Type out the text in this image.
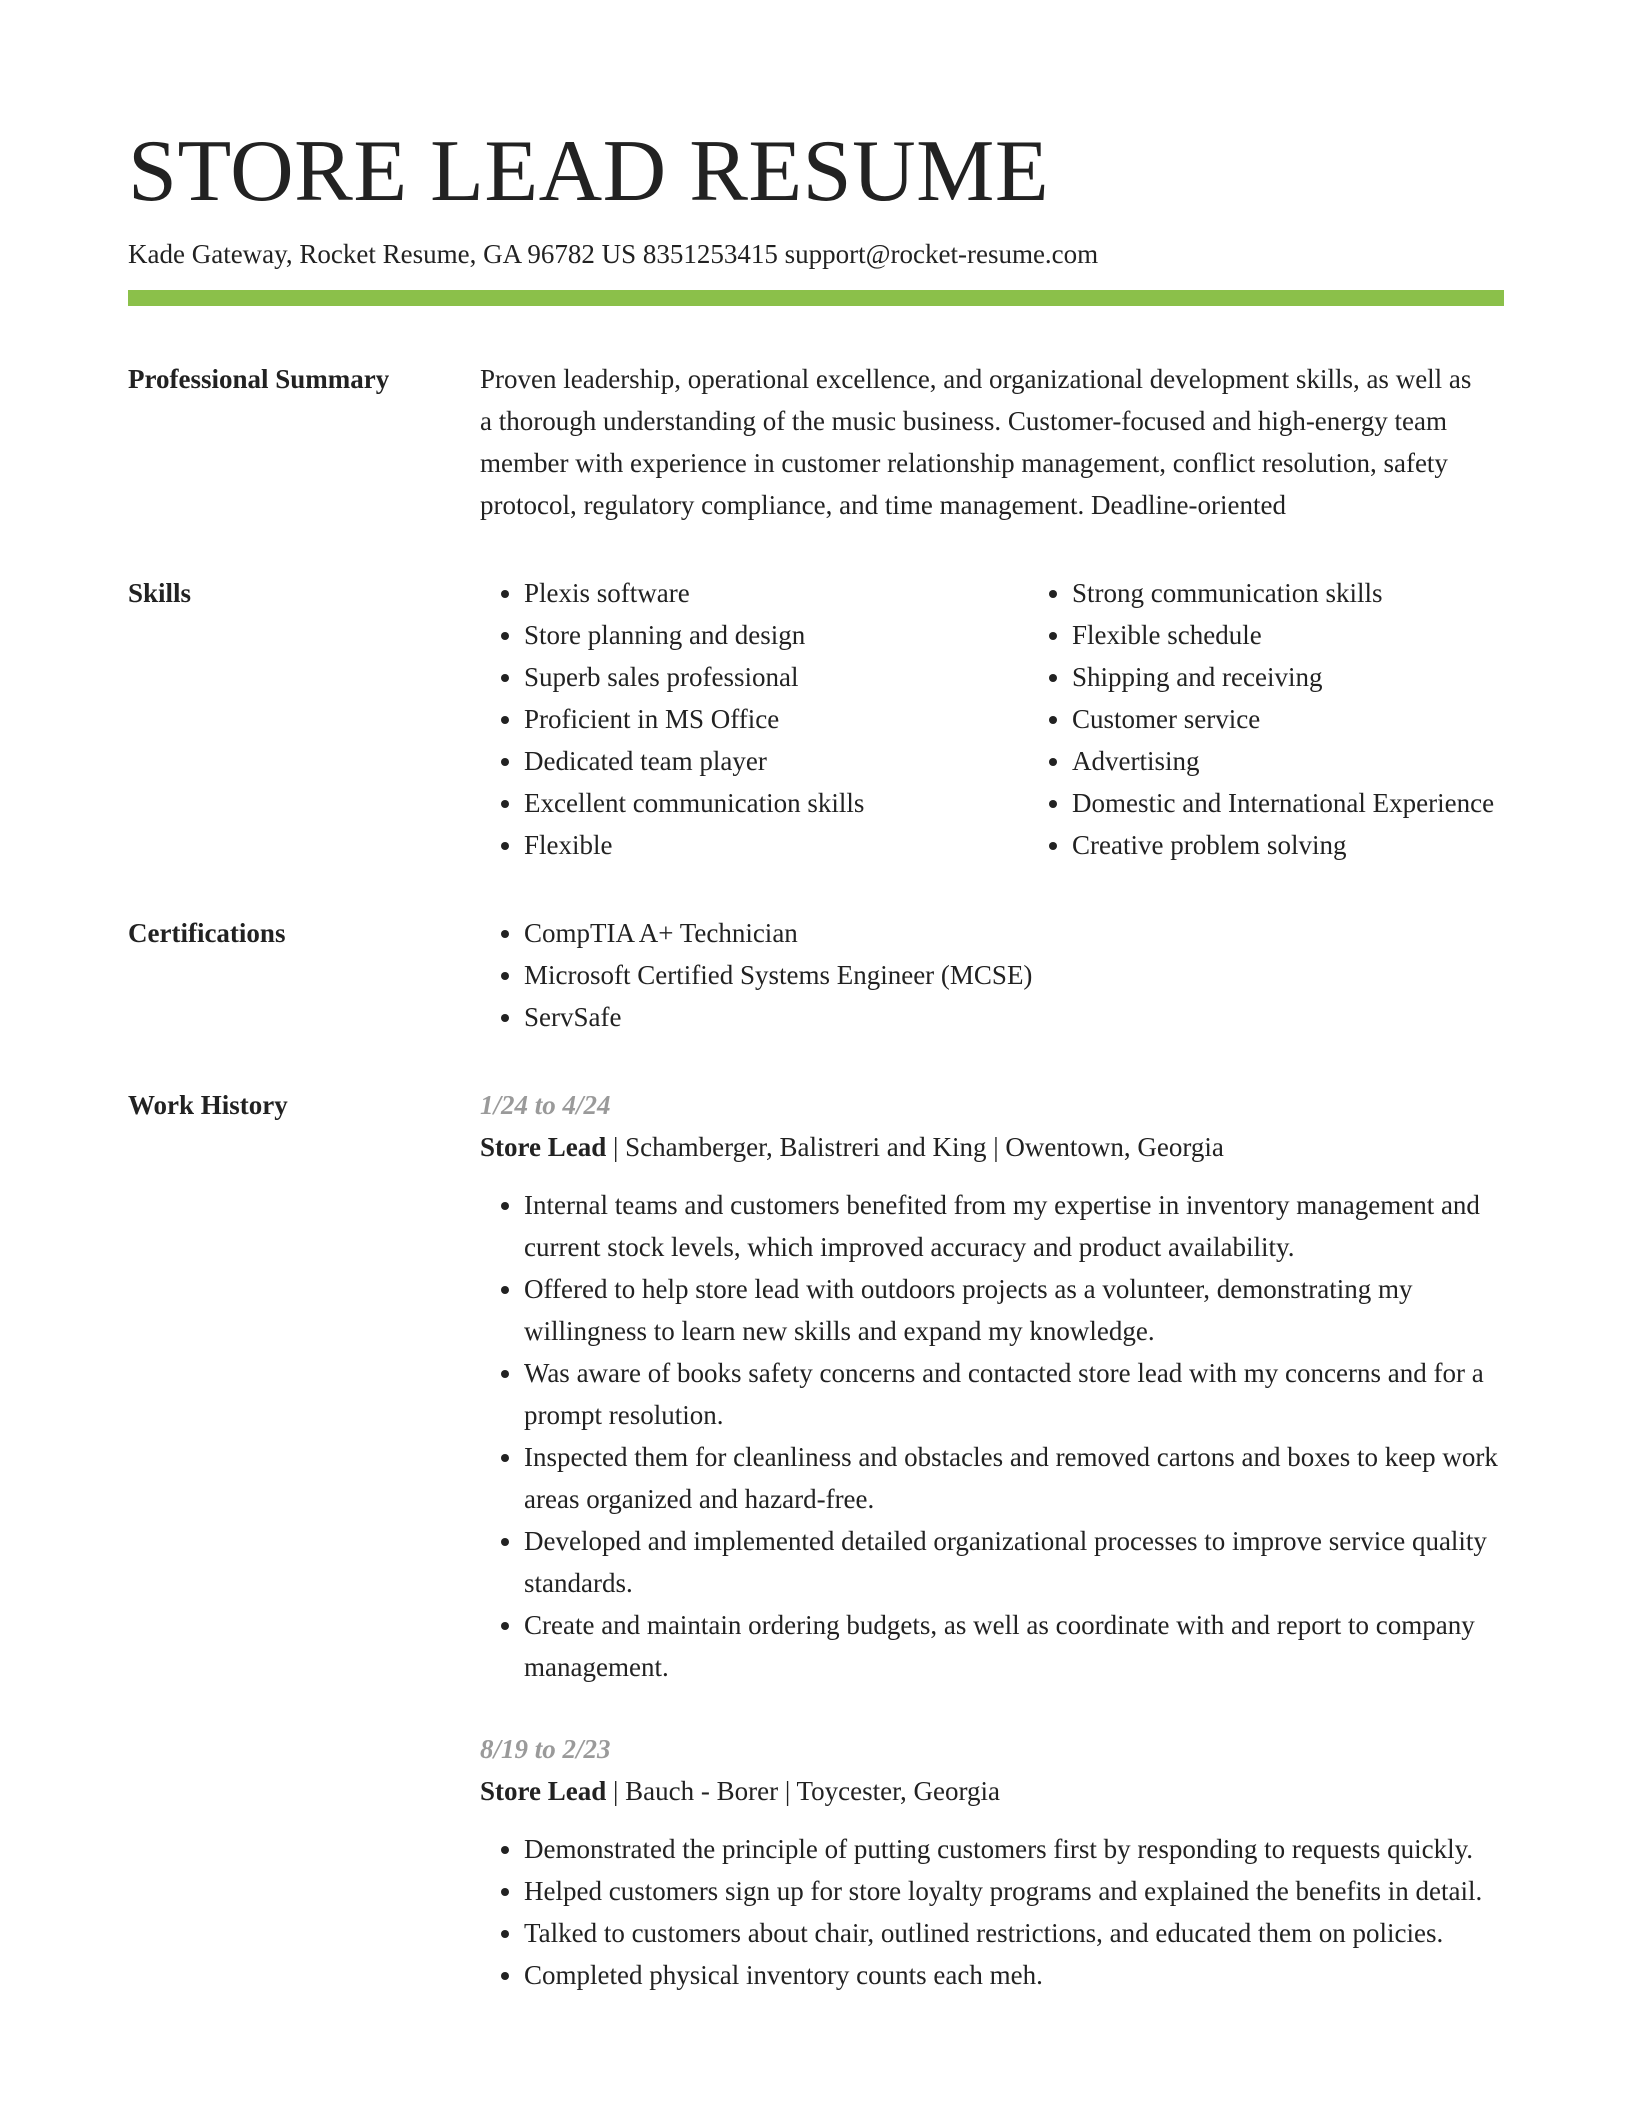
STORE LEAD RESUME
Kade Gateway, Rocket Resume, GA 96782 US 8351253415 support@rocket-resume.com
Professional Summary	Proven leadership, operational excellence, and organizational development skills, as well as a thorough understanding of the music business. Customer-focused and high-energy team member with experience in customer relationship management, conflict resolution, safety protocol, regulatory compliance, and time management. Deadline-oriented

Skills	• Plexis software
• Store planning and design
• Superb sales professional
• Proficient in MS Office
• Dedicated team player
• Excellent communication skills
• Flexible
• Strong communication skills
• Flexible schedule
• Shipping and receiving
• Customer service
• Advertising
• Domestic and International Experience
• Creative problem solving
Certifications	• CompTIA A+ Technician
• Microsoft Certified Systems Engineer (MCSE)
• ServSafe
Work History	1/24 to 4/24
Store Lead | Schamberger, Balistreri and King | Owentown, Georgia
• Internal teams and customers benefited from my expertise in inventory management and current stock levels, which improved accuracy and product availability.
• Offered to help store lead with outdoors projects as a volunteer, demonstrating my willingness to learn new skills and expand my knowledge.
• Was aware of books safety concerns and contacted store lead with my concerns and for a prompt resolution.
• Inspected them for cleanliness and obstacles and removed cartons and boxes to keep work areas organized and hazard-free.
• Developed and implemented detailed organizational processes to improve service quality standards.
• Create and maintain ordering budgets, as well as coordinate with and report to company management.
8/19 to 2/23
Store Lead | Bauch - Borer | Toycester, Georgia
• Demonstrated the principle of putting customers first by responding to requests quickly.
• Helped customers sign up for store loyalty programs and explained the benefits in detail.
• Talked to customers about chair, outlined restrictions, and educated them on policies.
• Completed physical inventory counts each meh.
